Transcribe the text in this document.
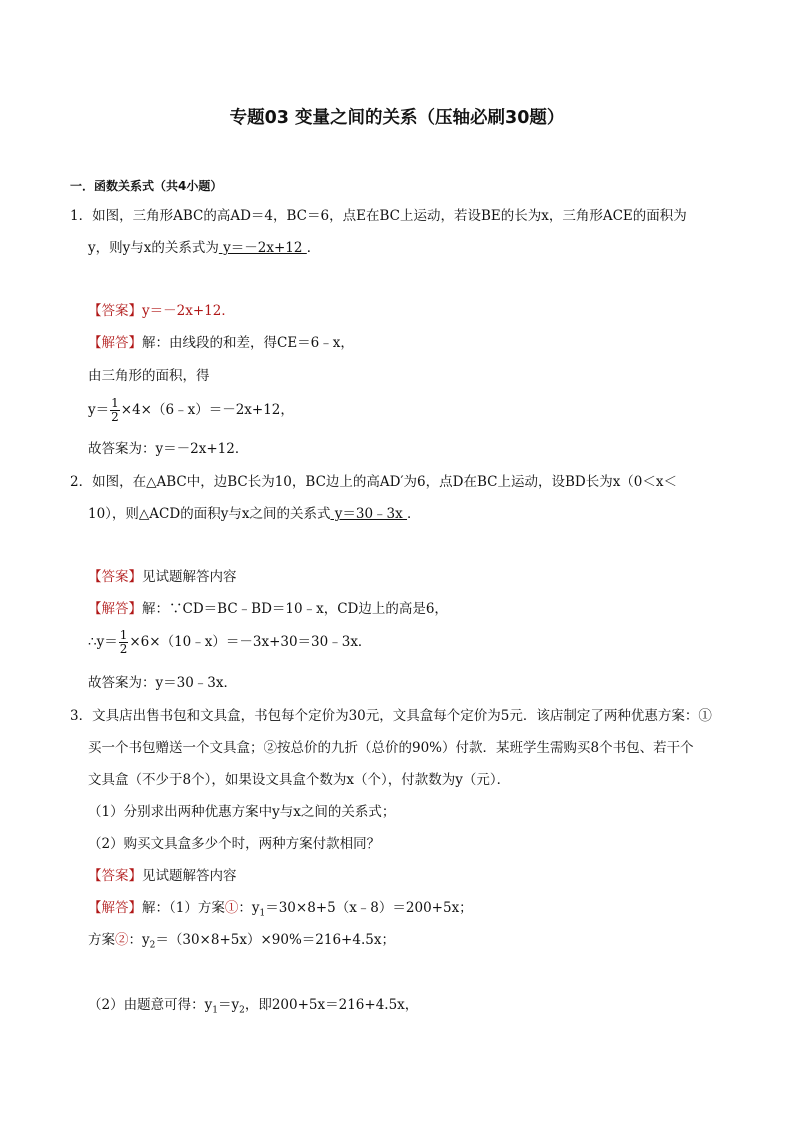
专题03 变量之间的关系（压轴必刷30题）
一．函数关系式（共4小题）
1．如图，三角形ABC的高AD＝4，BC＝6，点E在BC上运动，若设BE的长为x，三角形ACE的面积为
y，则y与x的关系式为 y＝－2x+12 ．
【答案】y＝－2x+12．
【解答】解：由线段的和差，得CE＝6﹣x，
由三角形的面积，得
$y= \frac{1}{2}$ ×4×（6﹣x）＝－2x+12，
故答案为：y＝－2x+12．
2．如图，在△ABC中，边BC长为10，BC边上的高AD′为6，点D在BC上运动，设BD长为x（0＜x＜
10），则△ACD的面积y与x之间的关系式 y＝30﹣3x ．
【答案】见试题解答内容
【解答】解：∵CD＝BC﹣BD＝10﹣x，CD边上的高是6，
∴y＝ $\frac{1}{2}$ ×6×（10﹣x）＝－3x+30＝30﹣3x．
故答案为：y＝30﹣3x．
3．文具店出售书包和文具盒，书包每个定价为30元，文具盒每个定价为5元．该店制定了两种优惠方案：①
买一个书包赠送一个文具盒；②按总价的九折（总价的90%）付款．某班学生需购买8个书包、若干个
文具盒（不少于8个），如果设文具盒个数为x（个），付款数为y（元）．
（1）分别求出两种优惠方案中y与x之间的关系式；
（2）购买文具盒多少个时，两种方案付款相同？
【答案】见试题解答内容
【解答】解：（1）方案①：$y_1=30\times 8+5(x﹣8)=200+5x$；
方案②：$y_2=(30\times 8+5x)\times 90\%=216+4.5x$；
（2）由题意可得：$y_1=y_2$，即200+5x＝216+4.5x，
